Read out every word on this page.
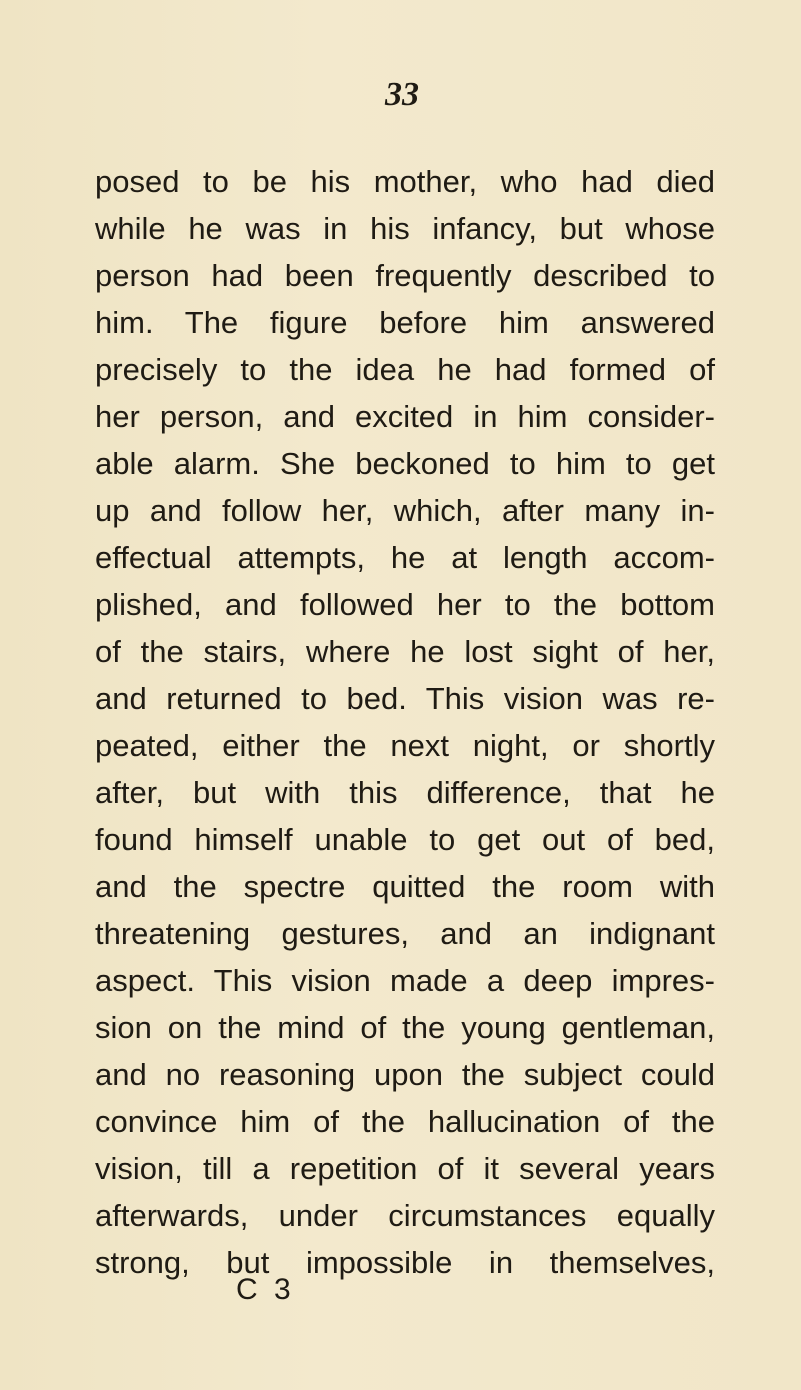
33
posed to be his mother, who had died
while he was in his infancy, but whose
person had been frequently described to
him. The figure before him answered
precisely to the idea he had formed of
her person, and excited in him consider-
able alarm. She beckoned to him to get
up and follow her, which, after many in-
effectual attempts, he at length accom-
plished, and followed her to the bottom
of the stairs, where he lost sight of her,
and returned to bed. This vision was re-
peated, either the next night, or shortly
after, but with this difference, that he
found himself unable to get out of bed,
and the spectre quitted the room with
threatening gestures, and an indignant
aspect. This vision made a deep impres-
sion on the mind of the young gentleman,
and no reasoning upon the subject could
convince him of the hallucination of the
vision, till a repetition of it several years
afterwards, under circumstances equally
strong, but impossible in themselves,
C 3
